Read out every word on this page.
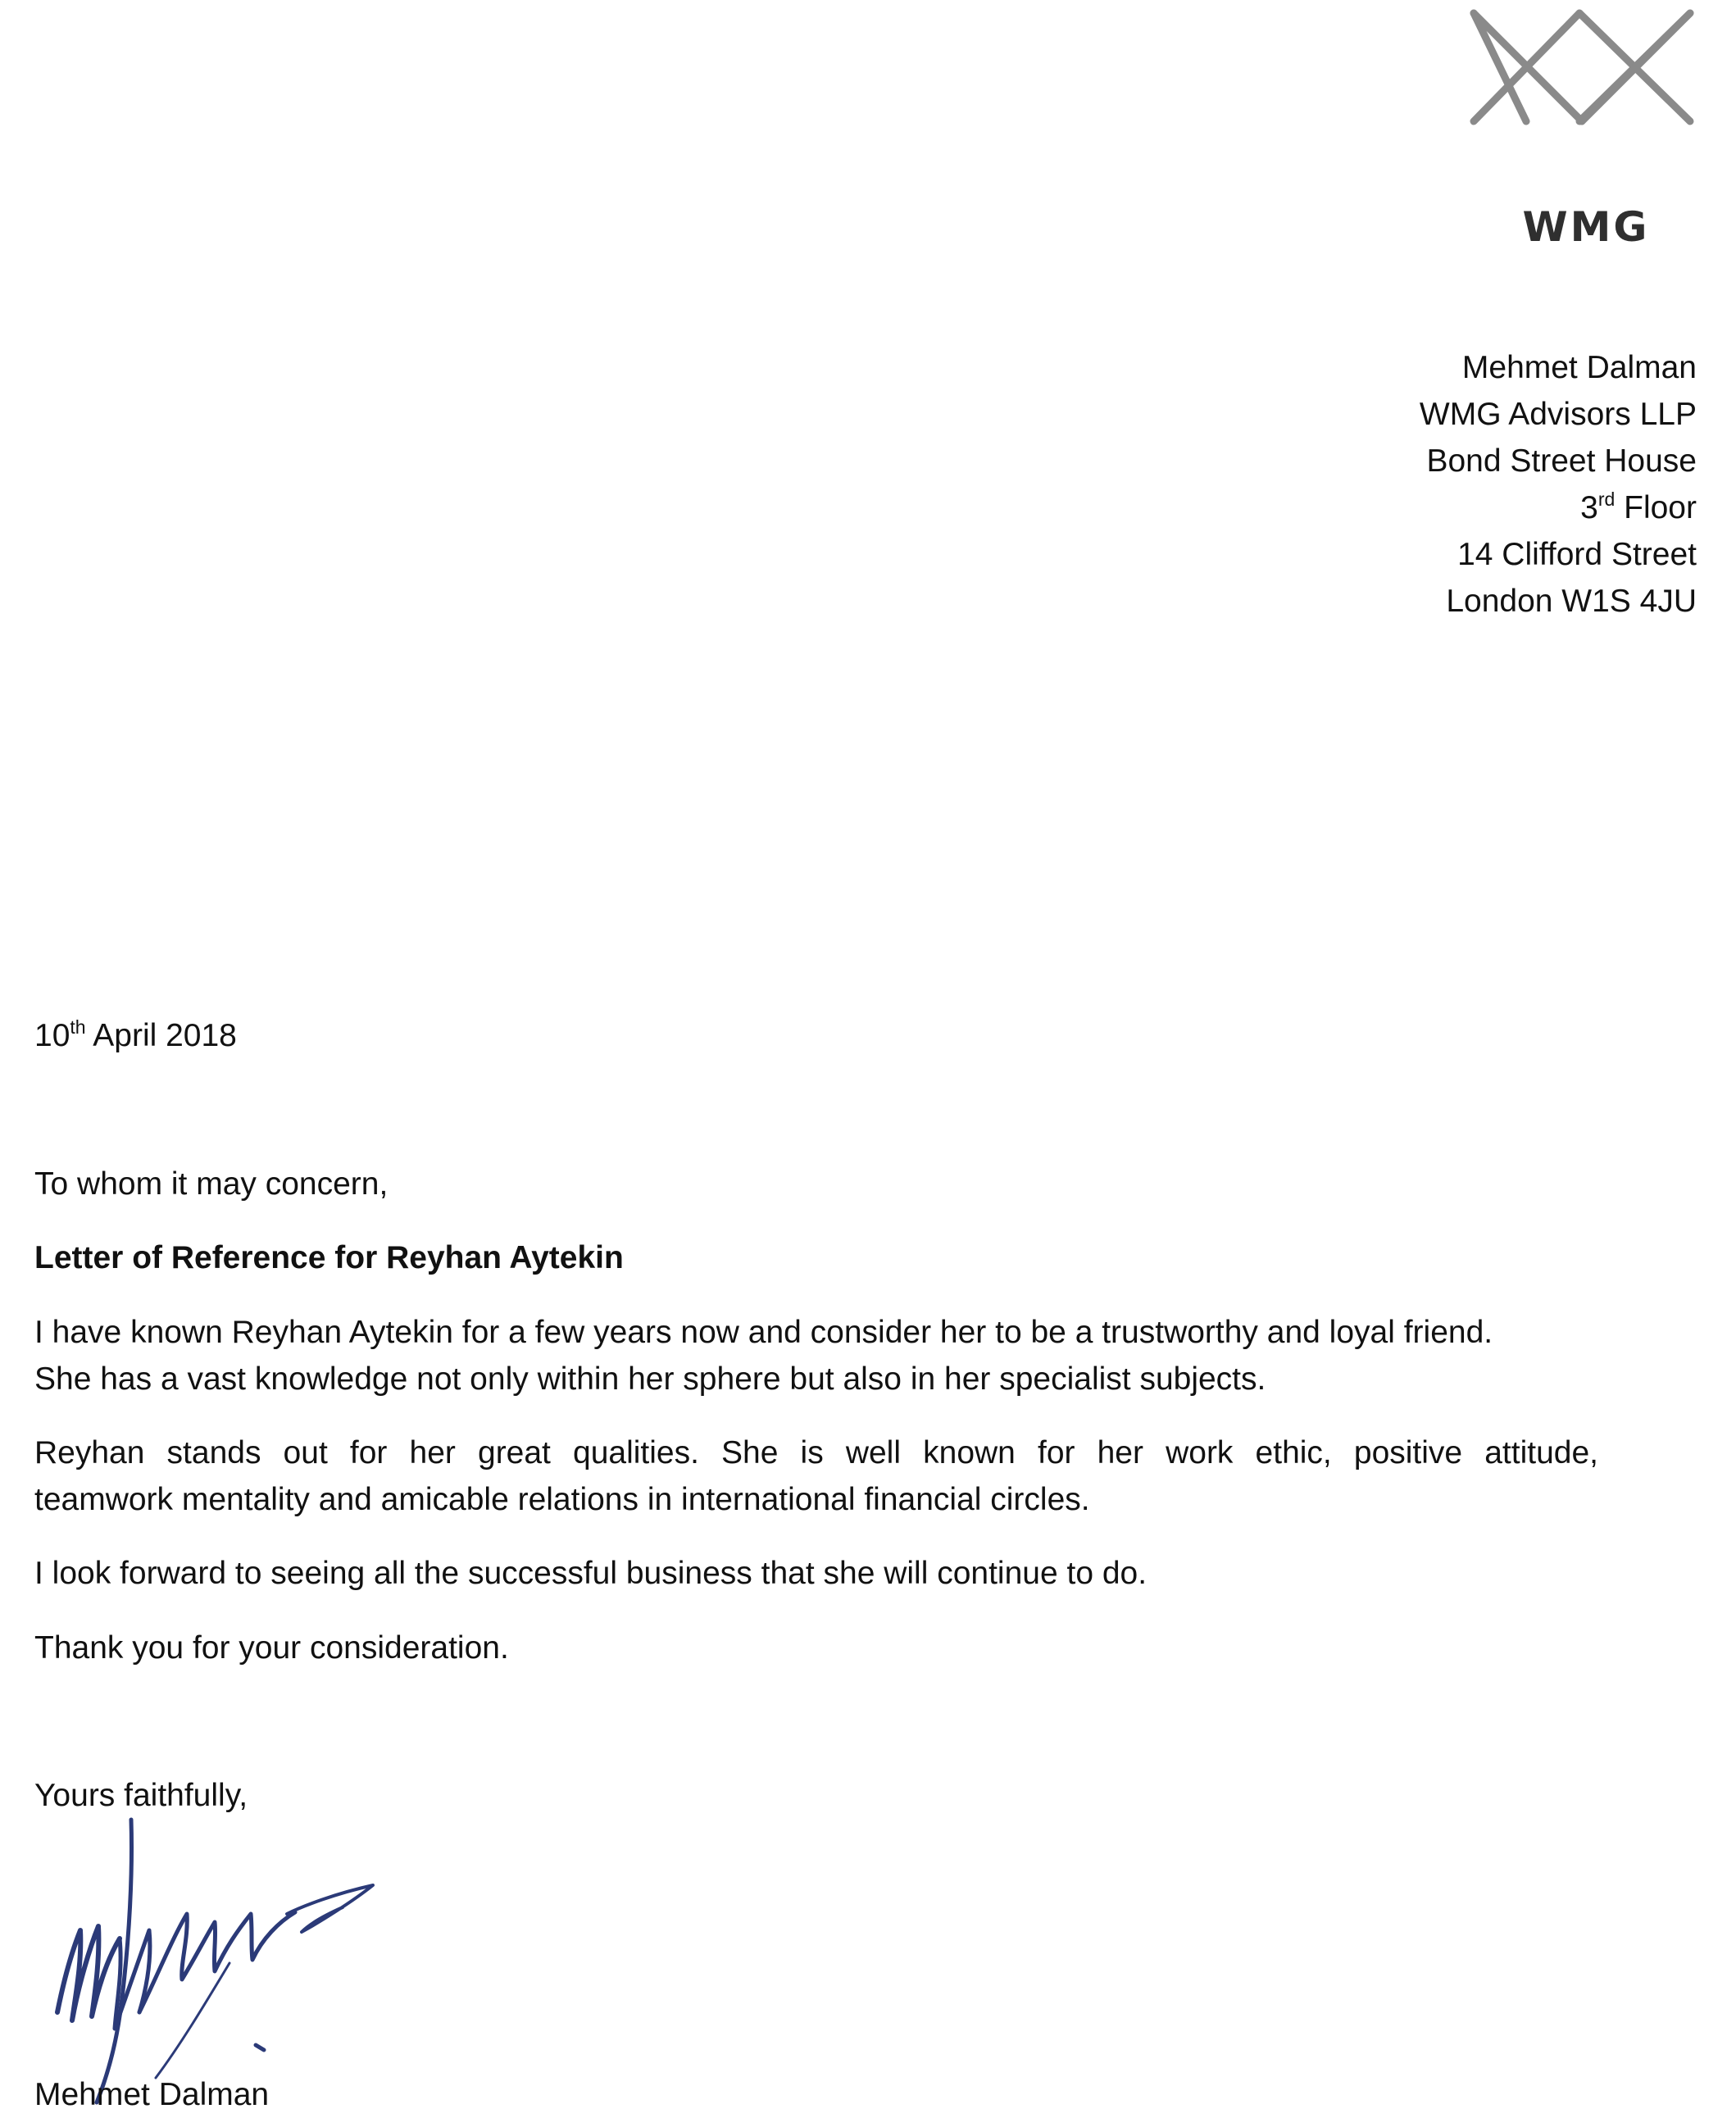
WMG
Mehmet Dalman
WMG Advisors LLP
Bond Street House
3rd Floor
14 Clifford Street
London W1S 4JU
10th April 2018
To whom it may concern,
Letter of Reference for Reyhan Aytekin
I have known Reyhan Aytekin for a few years now and consider her to be a trustworthy and loyal friend.
She has a vast knowledge not only within her sphere but also in her specialist subjects.
Reyhan stands out for her great qualities. She is well known for her work ethic, positive attitude,
teamwork mentality and amicable relations in international financial circles.
I look forward to seeing all the successful business that she will continue to do.
Thank you for your consideration.
Yours faithfully,
Mehmet Dalman
